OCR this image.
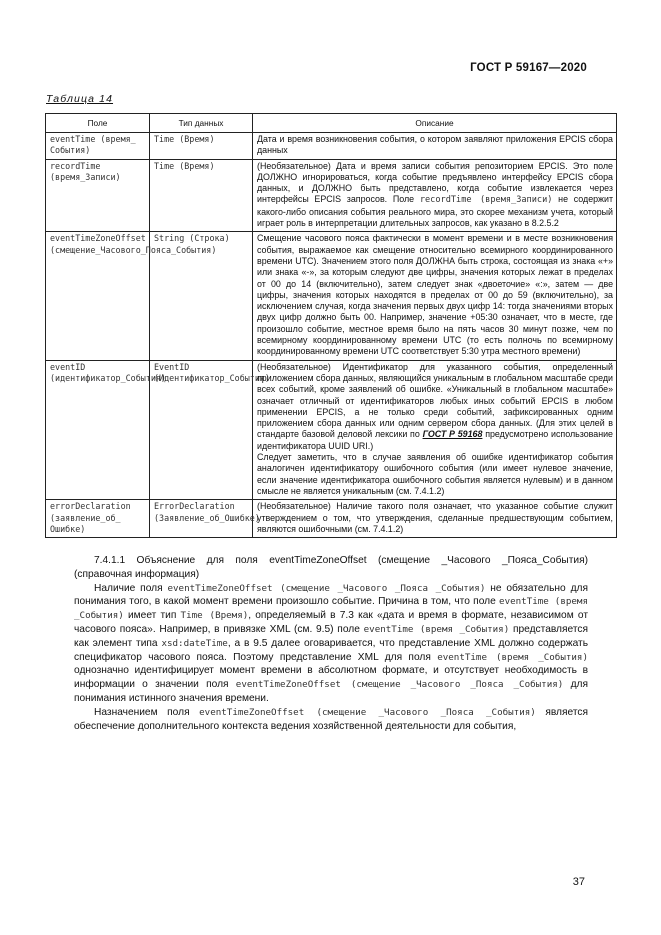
ГОСТ Р 59167—2020
Таблица 14
Поле	Тип данных	Описание
eventTime (время_ События)	Time (Время)	Дата и время возникновения события, о котором заявляют приложения EPCIS сбора данных
recordTime (время_Записи)	Time (Время)	(Необязательное) Дата и время записи события репозиторием EPCIS. Это поле ДОЛЖНО игнорироваться, когда событие предъявлено интерфейсу EPCIS сбора данных, и ДОЛЖНО быть представлено, когда событие извлекается через интерфейсы EPCIS запросов. Поле recordTime (время_Записи) не содержит какого-либо описания события реального мира, это скорее механизм учета, который играет роль в интерпретации длительных запросов, как указано в 8.2.5.2
eventTimeZoneOffset (смещение_Часового_Пояса_События)	String (Строка)	Смещение часового пояса фактически в момент времени и в месте возникновения события, выражаемое как смещение относительно всемирного координированного времени UTC). Значением этого поля ДОЛЖНА быть строка, состоящая из знака «+» или знака «-», за которым следуют две цифры, значения которых лежат в пределах от 00 до 14 (включительно), затем следует знак «двоеточие» «:», затем — две цифры, значения которых находятся в пределах от 00 до 59 (включительно), за исключением случая, когда значения первых двух цифр 14: тогда значениями вторых двух цифр должно быть 00. Например, значение +05:30 означает, что в месте, где произошло событие, местное время было на пять часов 30 минут позже, чем по всемирному координированному времени UTC (то есть полночь по всемирному координированному времени UTC соответствует 5:30 утра местного времени)
eventID (идентификатор_События)	EventID (Идентификатор_События)	(Необязательное) Идентификатор для указанного события, определенный приложением сбора данных, являющийся уникальным в глобальном масштабе среди всех событий, кроме заявлений об ошибке. «Уникальный в глобальном масштабе» означает отличный от идентификаторов любых иных событий EPCIS в любом применении EPCIS, а не только среди событий, зафиксированных одним приложением сбора данных или одним сервером сбора данных. (Для этих целей в стандарте базовой деловой лексики по ГОСТ Р 59168 предусмотрено использование идентификатора UUID URI.)
Следует заметить, что в случае заявления об ошибке идентификатор события аналогичен идентификатору ошибочного события (или имеет нулевое значение, если значение идентификатора ошибочного события является нулевым) и в данном смысле не является уникальным (см. 7.4.1.2)
errorDeclaration (заявление_об_ Ошибке)	ErrorDeclaration (Заявление_об_Ошибке)	(Необязательное) Наличие такого поля означает, что указанное событие служит утверждением о том, что утверждения, сделанные предшествующим событием, являются ошибочными (см. 7.4.1.2)

7.4.1.1 Объяснение для поля eventTimeZoneOffset (смещение _Часового _Пояса_События) (справочная информация)

Наличие поля eventTimeZoneOffset (смещение _Часового _Пояса _События) не обязательно для понимания того, в какой момент времени произошло событие. Причина в том, что поле eventTime (время _События) имеет тип Time (Время), определяемый в 7.3 как «дата и время в формате, независимом от часового пояса». Например, в привязке XML (см. 9.5) поле eventTime (время _События) представляется как элемент типа xsd:dateTime, а в 9.5 далее оговаривается, что представление XML должно содержать спецификатор часового пояса. Поэтому представление XML для поля eventTime (время _События) однозначно идентифицирует момент времени в абсолютном формате, и отсутствует необходимость в информации о значении поля eventTimeZoneOffset (смещение _Часового _Пояса _События) для понимания истинного значения времени.

Назначением поля eventTimeZoneOffset (смещение _Часового _Пояса _События) является обеспечение дополнительного контекста ведения хозяйственной деятельности для события,

37
